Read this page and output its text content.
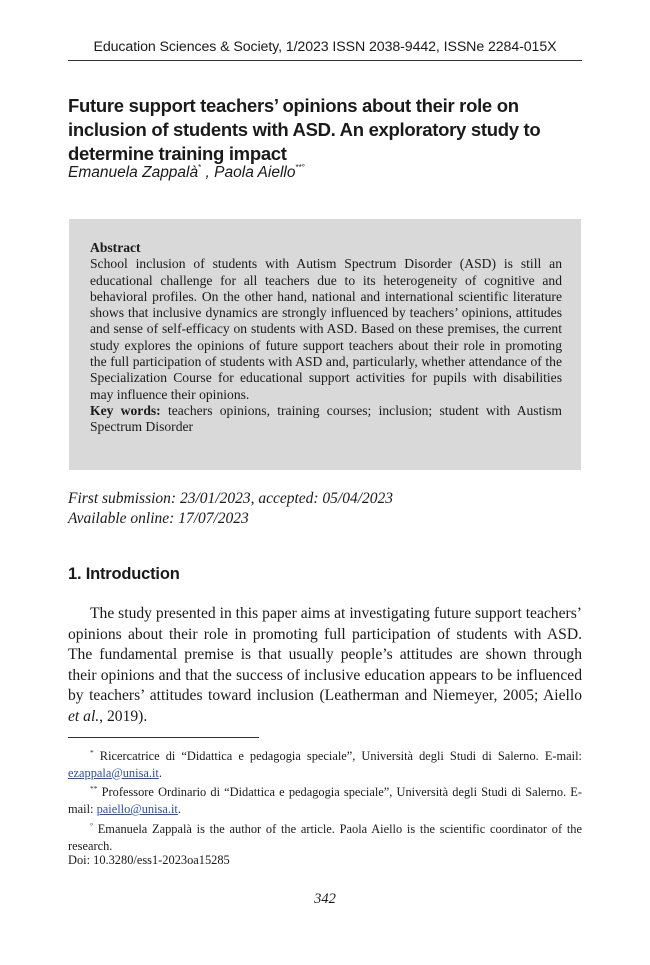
Education Sciences & Society, 1/2023 ISSN 2038-9442, ISSNe 2284-015X
Future support teachers’ opinions about their role on inclusion of students with ASD. An exploratory study to determine training impact
Emanuela Zappalà* , Paola Aiello**°
Abstract
School inclusion of students with Autism Spectrum Disorder (ASD) is still an educational challenge for all teachers due to its heterogeneity of cognitive and behavioral profiles. On the other hand, national and international scientific literature shows that inclusive dynamics are strongly influenced by teachers’ opinions, attitudes and sense of self-efficacy on students with ASD. Based on these premises, the current study explores the opinions of future support teachers about their role in promoting the full participation of students with ASD and, particularly, whether attendance of the Specialization Course for educational support activities for pupils with disabilities may influence their opinions.
Key words: teachers opinions, training courses; inclusion; student with Austism Spectrum Disorder
First submission: 23/01/2023, accepted: 05/04/2023
Available online: 17/07/2023
1. Introduction

The study presented in this paper aims at investigating future support teachers’ opinions about their role in promoting full participation of students with ASD. The fundamental premise is that usually people’s attitudes are shown through their opinions and that the success of inclusive education appears to be influenced by teachers’ attitudes toward inclusion (Leatherman and Niemeyer, 2005; Aiello et al., 2019).

* Ricercatrice di “Didattica e pedagogia speciale”, Università degli Studi di Salerno. E-mail: ezappala@unisa.it.

** Professore Ordinario di “Didattica e pedagogia speciale”, Università degli Studi di Salerno. E-mail: paiello@unisa.it.

° Emanuela Zappalà is the author of the article. Paola Aiello is the scientific coordinator of the research.

Doi: 10.3280/ess1-2023oa15285
342
